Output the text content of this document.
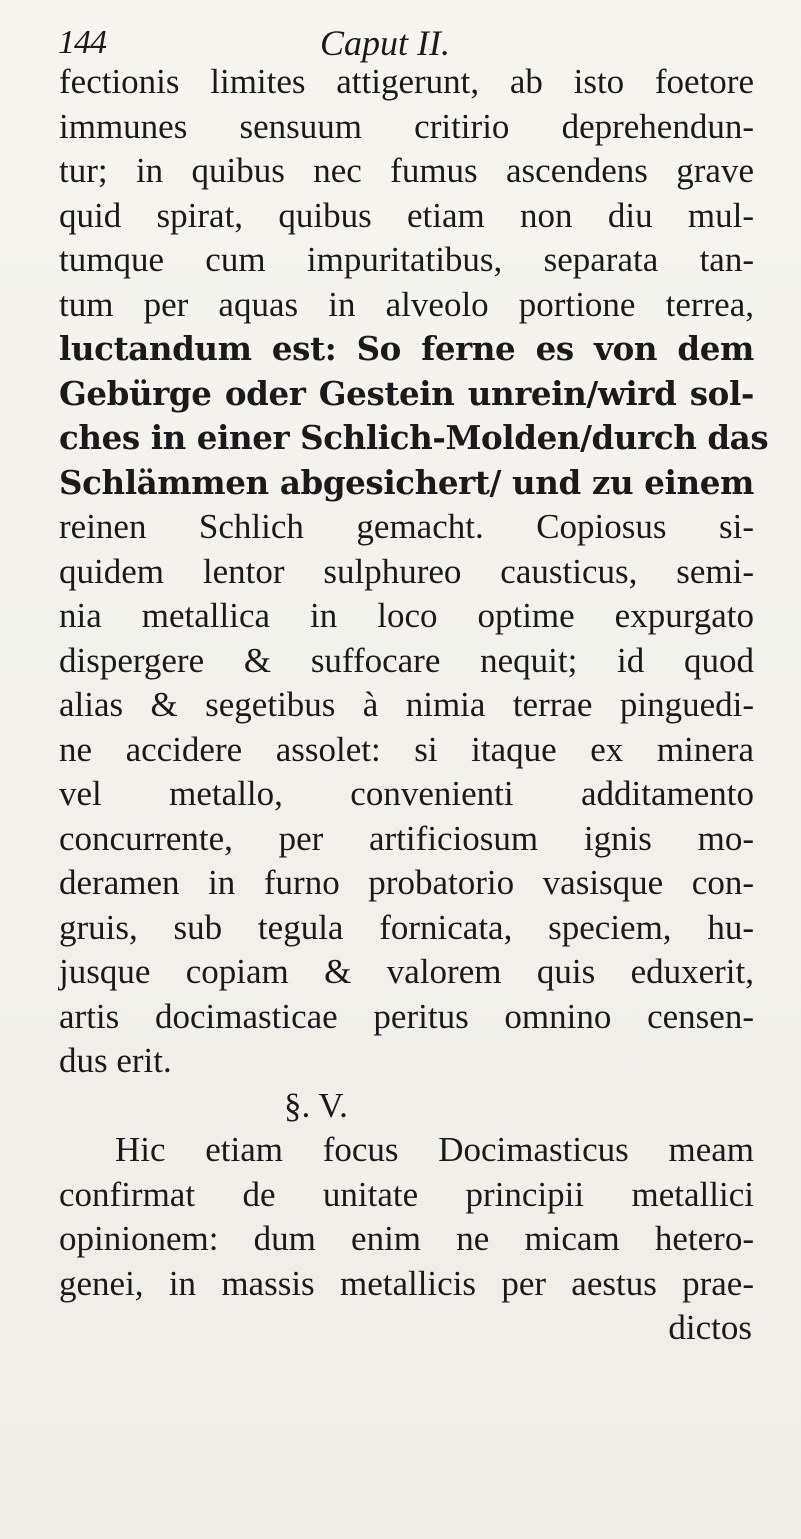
144	Caput II.
fectionis limites attigerunt, ab isto foetore
immunes sensuum critirio deprehendun-
tur; in quibus nec fumus ascendens grave
quid spirat, quibus etiam non diu mul-
tumque cum impuritatibus, separata tan-
tum per aquas in alveolo portione terrea,
luctandum est: So ferne es von dem
Gebürge oder Gestein unrein/wird sol-
ches in einer Schlich-Molden/durch das
Schlämmen abgesichert/ und zu einem
reinen Schlich gemacht. Copiosus si-
quidem lentor sulphureo causticus, semi-
nia metallica in loco optime expurgato
dispergere & suffocare nequit; id quod
alias & segetibus à nimia terrae pinguedi-
ne accidere assolet: si itaque ex minera
vel metallo, convenienti additamento
concurrente, per artificiosum ignis mo-
deramen in furno probatorio vasisque con-
gruis, sub tegula fornicata, speciem, hu-
jusque copiam & valorem quis eduxerit,
artis docimasticae peritus omnino censen-
dus erit.
§. V.
Hic etiam focus Docimasticus meam
confirmat de unitate principii metallici
opinionem: dum enim ne micam hetero-
genei, in massis metallicis per aestus prae-
dictos
